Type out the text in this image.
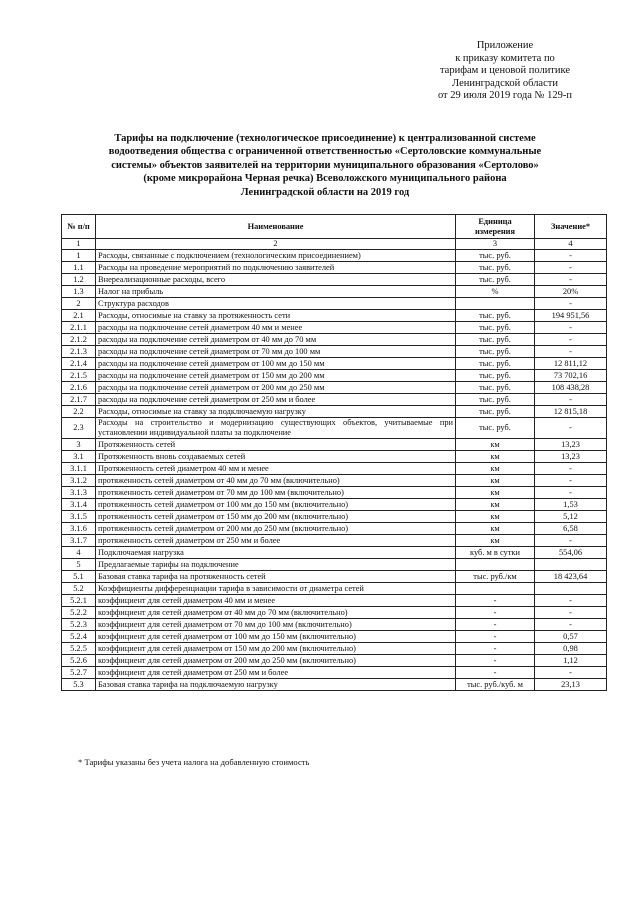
Приложение
к приказу комитета по
тарифам и ценовой политике
Ленинградской области
от 29 июля 2019 года № 129-п
Тарифы на подключение (технологическое присоединение) к централизованной системе
водоотведения общества с ограниченной ответственностью «Сертоловские коммунальные
системы» объектов заявителей на территории муниципального образования «Сертолово»
(кроме микрорайона Черная речка) Всеволожского муниципального района
Ленинградской области на 2019 год
№ п/п	Наименование	Единица измерения	Значение*
1	2	3	4
1	Расходы, связанные с подключением (технологическим присоединением)	тыс. руб.	-
1.1	Расходы на проведение мероприятий по подключению заявителей	тыс. руб.	-
1.2	Внереализационные расходы, всего	тыс. руб.	-
1.3	Налог на прибыль	%	20%
2	Структура расходов		-
2.1	Расходы, относимые на ставку за протяженность сети	тыс. руб.	194 951,56
2.1.1	расходы на подключение сетей диаметром 40 мм и менее	тыс. руб.	-
2.1.2	расходы на подключение сетей диаметром от 40 мм до 70 мм	тыс. руб.	-
2.1.3	расходы на подключение сетей диаметром от 70 мм до 100 мм	тыс. руб.	-
2.1.4	расходы на подключение сетей диаметром от 100 мм до 150 мм	тыс. руб.	12 811,12
2.1.5	расходы на подключение сетей диаметром от 150 мм до 200 мм	тыс. руб.	73 702,16
2.1.6	расходы на подключение сетей диаметром от 200 мм до 250 мм	тыс. руб.	108 438,28
2.1.7	расходы на подключение сетей диаметром от 250 мм и более	тыс. руб.	-
2.2	Расходы, относимые на ставку за подключаемую нагрузку	тыс. руб.	12 815,18
2.3	Расходы на строительство и модернизацию существующих объектов, учитываемые при установлении индивидуальной платы за подключение	тыс. руб.	-
3	Протяженность сетей	км	13,23
3.1	Протяженность вновь создаваемых сетей	км	13,23
3.1.1	Протяженность сетей диаметром 40 мм и менее	км	-
3.1.2	протяженность сетей диаметром от 40 мм до 70 мм (включительно)	км	-
3.1.3	протяженность сетей диаметром от 70 мм до 100 мм (включительно)	км	-
3.1.4	протяженность сетей диаметром от 100 мм до 150 мм (включительно)	км	1,53
3.1.5	протяженность сетей диаметром от 150 мм до 200 мм (включительно)	км	5,12
3.1.6	протяженность сетей диаметром от 200 мм до 250 мм (включительно)	км	6,58
3.1.7	протяженность сетей диаметром от 250 мм и более	км	-
4	Подключаемая нагрузка	куб. м в сутки	554,06
5	Предлагаемые тарифы на подключение		
5.1	Базовая ставка тарифа на протяженность сетей	тыс. руб./км	18 423,64
5.2	Коэффициенты дифференциации тарифа в зависимости от диаметра сетей		
5.2.1	коэффициент для сетей диаметром 40 мм и менее	-	-
5.2.2	коэффициент для сетей диаметром от 40 мм до 70 мм (включительно)	-	-
5.2.3	коэффициент для сетей диаметром от 70 мм до 100 мм (включительно)	-	-
5.2.4	коэффициент для сетей диаметром от 100 мм до 150 мм (включительно)	-	0,57
5.2.5	коэффициент для сетей диаметром от 150 мм до 200 мм (включительно)	-	0,98
5.2.6	коэффициент для сетей диаметром от 200 мм до 250 мм (включительно)	-	1,12
5.2.7	коэффициент для сетей диаметром от 250 мм и более	-	-
5.3	Базовая ставка тарифа на подключаемую нагрузку	тыс. руб./куб. м	23,13
* Тарифы указаны без учета налога на добавленную стоимость
